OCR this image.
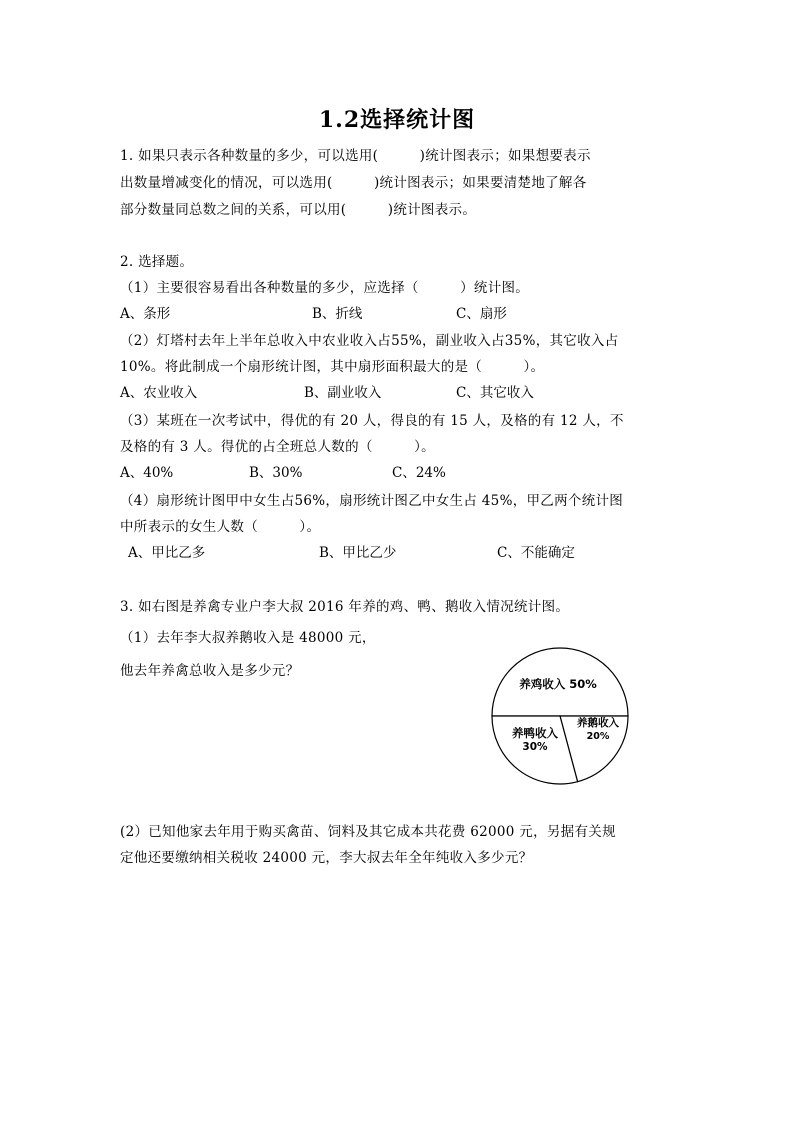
1.2选择统计图
1. 如果只表示各种数量的多少，可以选用(　　　)统计图表示；如果想要表示
出数量增减变化的情况，可以选用(　　　)统计图表示；如果要清楚地了解各
部分数量同总数之间的关系，可以用(　　　)统计图表示。
2. 选择题。
（1）主要很容易看出各种数量的多少，应选择（　　　）统计图。
A、条形	B、折线	C、扇形
（2）灯塔村去年上半年总收入中农业收入占55%，副业收入占35%，其它收入占
10%。将此制成一个扇形统计图，其中扇形面积最大的是（　　　）。
A、农业收入	B、副业收入	C、其它收入
（3）某班在一次考试中，得优的有 20 人，得良的有 15 人，及格的有 12 人，不
及格的有 3 人。得优的占全班总人数的（　　　）。
A、40%	B、30%	C、24%
（4）扇形统计图甲中女生占56%，扇形统计图乙中女生占 45%，甲乙两个统计图
中所表示的女生人数（　　　）。
A、甲比乙多	B、甲比乙少	C、不能确定
3. 如右图是养禽专业户李大叔 2016 年养的鸡、鸭、鹅收入情况统计图。
（1）去年李大叔养鹅收入是 48000 元，
他去年养禽总收入是多少元？
养鸡收入 50%
养鹅收入
20%
养鸭收入
30%
(2）已知他家去年用于购买禽苗、饲料及其它成本共花费 62000 元，另据有关规
定他还要缴纳相关税收 24000 元，李大叔去年全年纯收入多少元？
